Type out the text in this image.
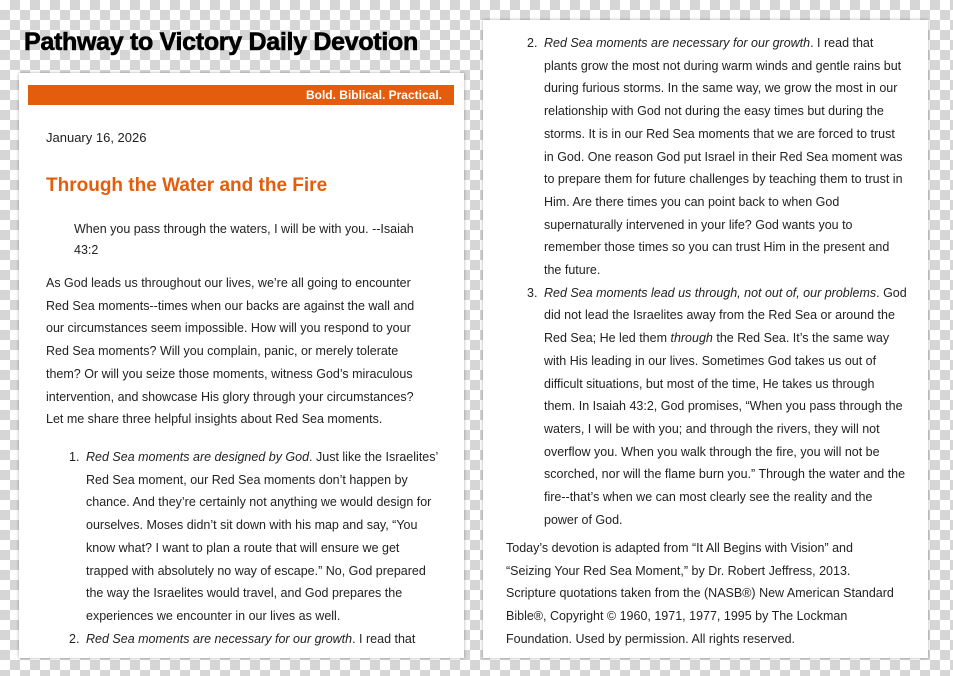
Pathway to Victory Daily Devotion
Bold. Biblical. Practical.
January 16, 2026
Through the Water and the Fire

When you pass through the waters, I will be with you. --Isaiah 43:2

As God leads us throughout our lives, we’re all going to encounter Red Sea moments--times when our backs are against the wall and our circumstances seem impossible. How will you respond to your Red Sea moments? Will you complain, panic, or merely tolerate them? Or will you seize those moments, witness God’s miraculous intervention, and showcase His glory through your circumstances? Let me share three helpful insights about Red Sea moments.

1. Red Sea moments are designed by God. Just like the Israelites’ Red Sea moment, our Red Sea moments don’t happen by chance. And they’re certainly not anything we would design for ourselves. Moses didn’t sit down with his map and say, “You know what? I want to plan a route that will ensure we get trapped with absolutely no way of escape.” No, God prepared the way the Israelites would travel, and God prepares the experiences we encounter in our lives as well.
2. Red Sea moments are necessary for our growth. I read that
2. Red Sea moments are necessary for our growth. I read that plants grow the most not during warm winds and gentle rains but during furious storms. In the same way, we grow the most in our relationship with God not during the easy times but during the storms. It is in our Red Sea moments that we are forced to trust in God. One reason God put Israel in their Red Sea moment was to prepare them for future challenges by teaching them to trust in Him. Are there times you can point back to when God supernaturally intervened in your life? God wants you to remember those times so you can trust Him in the present and the future.
3. Red Sea moments lead us through, not out of, our problems. God did not lead the Israelites away from the Red Sea or around the Red Sea; He led them through the Red Sea. It’s the same way with His leading in our lives. Sometimes God takes us out of difficult situations, but most of the time, He takes us through them. In Isaiah 43:2, God promises, “When you pass through the waters, I will be with you; and through the rivers, they will not overflow you. When you walk through the fire, you will not be scorched, nor will the flame burn you.” Through the water and the fire--that’s when we can most clearly see the reality and the power of God.

Today’s devotion is adapted from “It All Begins with Vision” and “Seizing Your Red Sea Moment,” by Dr. Robert Jeffress, 2013. Scripture quotations taken from the (NASB®) New American Standard Bible®, Copyright © 1960, 1971, 1977, 1995 by The Lockman Foundation. Used by permission. All rights reserved.
